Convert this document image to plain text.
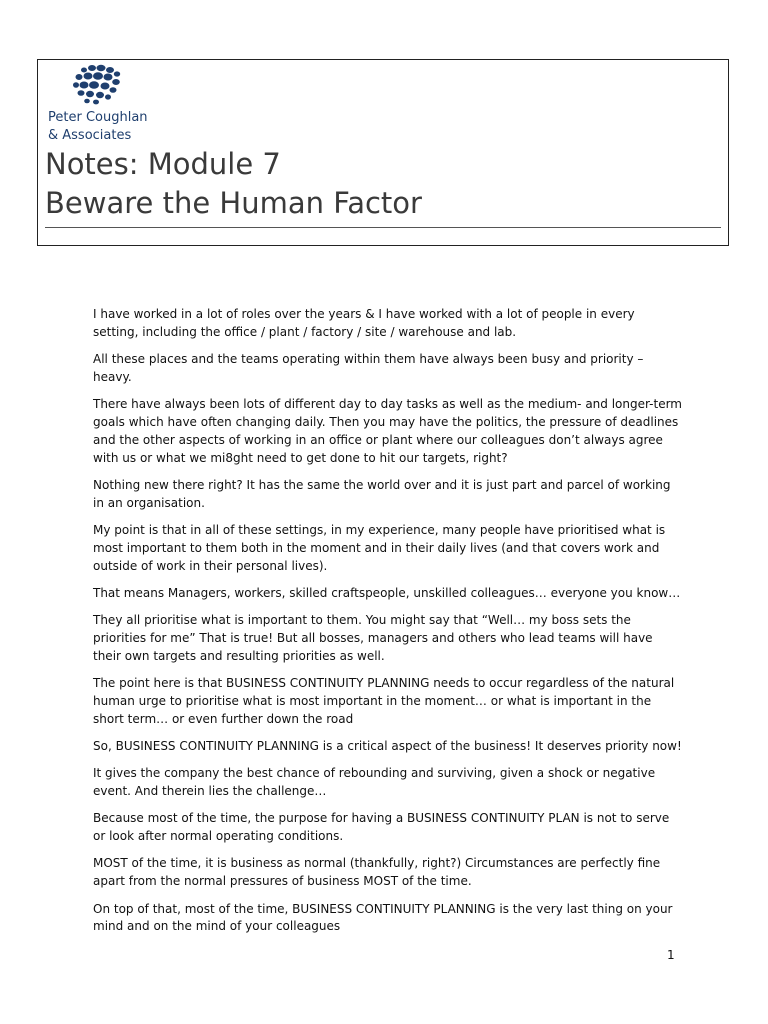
Peter Coughlan
& Associates
Notes: Module 7
Beware the Human Factor

I have worked in a lot of roles over the years & I have worked with a lot of people in every setting, including the office / plant / factory / site / warehouse and lab.

All these places and the teams operating within them have always been busy and priority – heavy.

There have always been lots of different day to day tasks as well as the medium- and longer-term goals which have often changing daily. Then you may have the politics, the pressure of deadlines and the other aspects of working in an office or plant where our colleagues don’t always agree with us or what we mi8ght need to get done to hit our targets, right?

Nothing new there right? It has the same the world over and it is just part and parcel of working in an organisation.

My point is that in all of these settings, in my experience, many people have prioritised what is most important to them both in the moment and in their daily lives (and that covers work and outside of work in their personal lives).

That means Managers, workers, skilled craftspeople, unskilled colleagues… everyone you know…

They all prioritise what is important to them. You might say that “Well… my boss sets the priorities for me” That is true! But all bosses, managers and others who lead teams will have their own targets and resulting priorities as well.

The point here is that BUSINESS CONTINUITY PLANNING needs to occur regardless of the natural human urge to prioritise what is most important in the moment… or what is important in the short term… or even further down the road

So, BUSINESS CONTINUITY PLANNING is a critical aspect of the business! It deserves priority now!

It gives the company the best chance of rebounding and surviving, given a shock or negative event. And therein lies the challenge…

Because most of the time, the purpose for having a BUSINESS CONTINUITY PLAN is not to serve or look after normal operating conditions.

MOST of the time, it is business as normal (thankfully, right?) Circumstances are perfectly fine apart from the normal pressures of business MOST of the time.

On top of that, most of the time, BUSINESS CONTINUITY PLANNING is the very last thing on your mind and on the mind of your colleagues

1
